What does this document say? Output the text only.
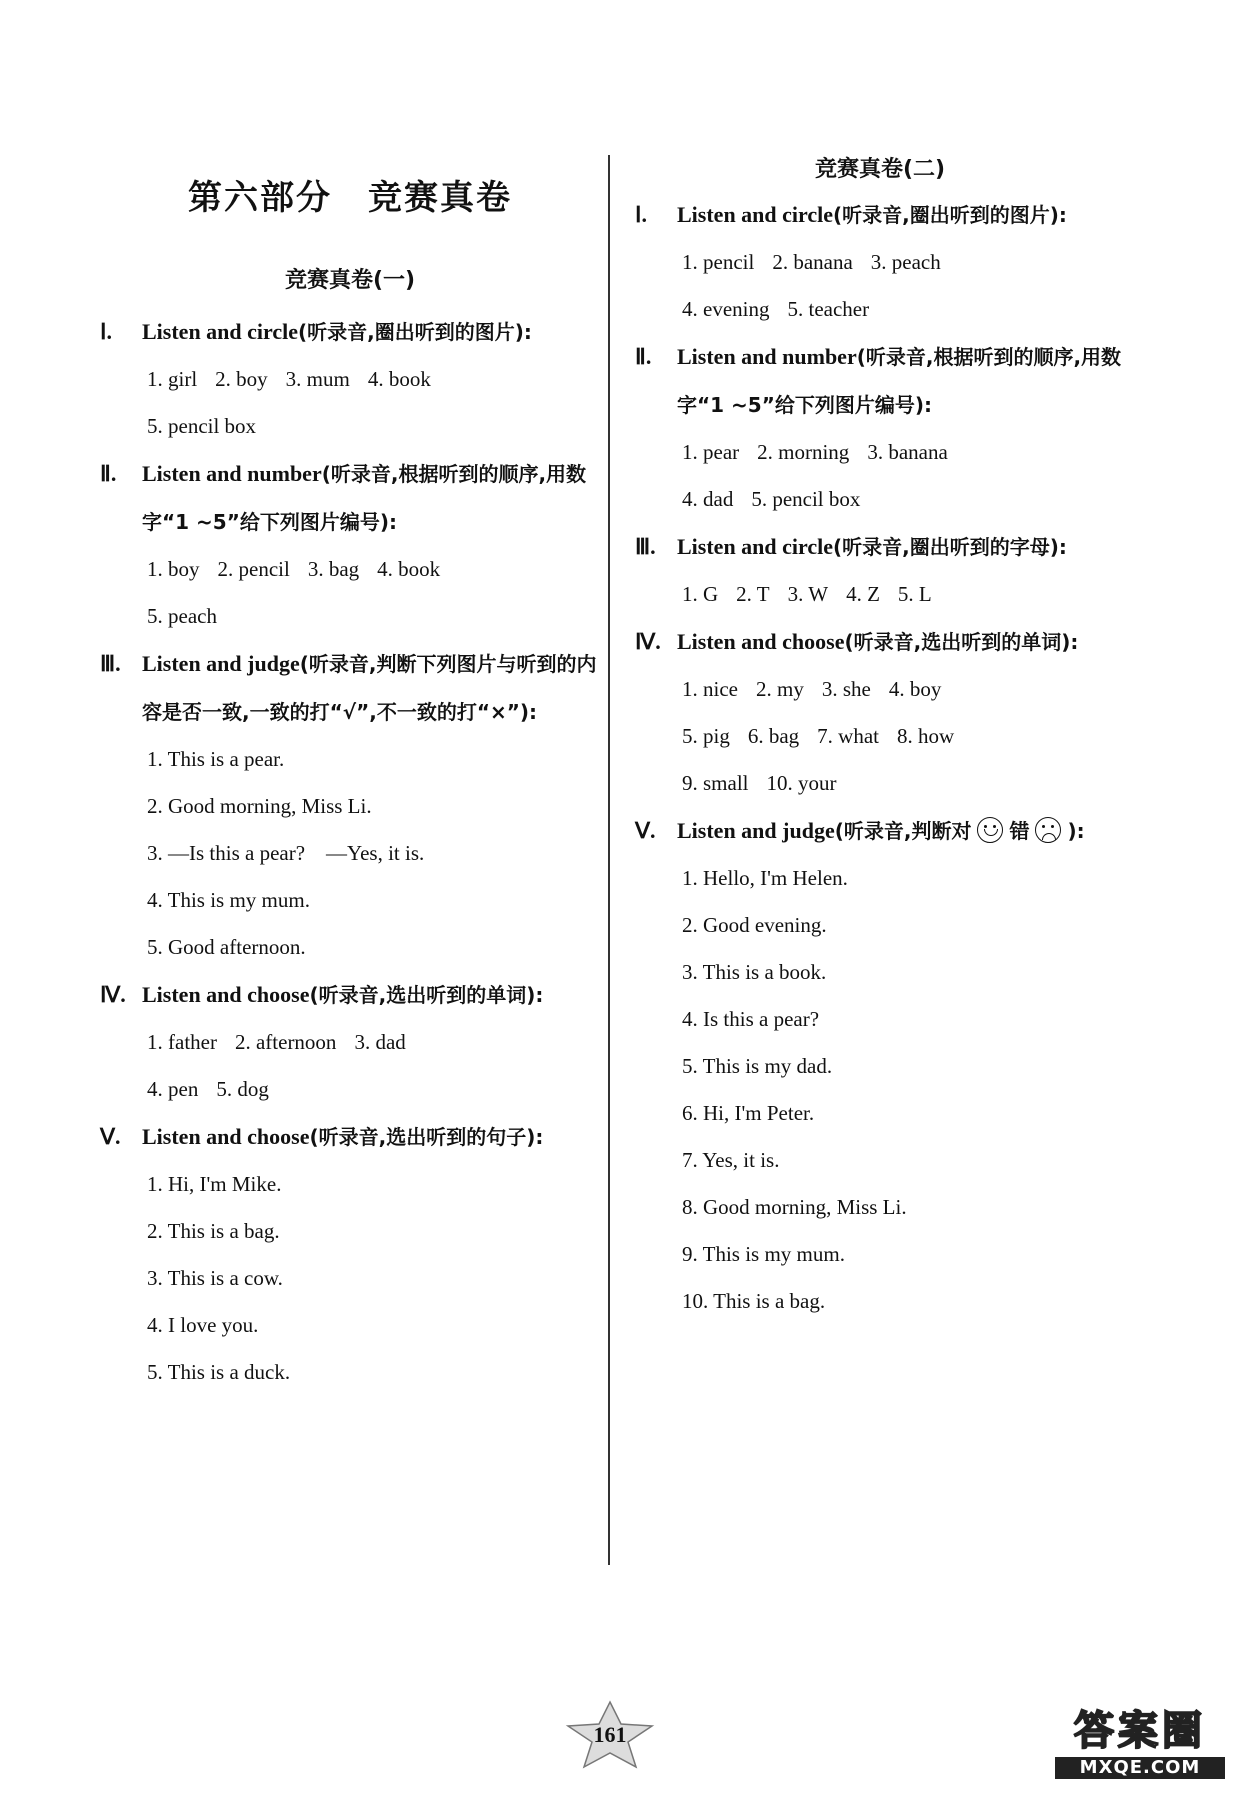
第六部分　竞赛真卷
竞赛真卷(一)
Ⅰ.	Listen and circle(听录音,圈出听到的图片):
1. girl 2. boy 3. mum 4. book
5. pencil box
Ⅱ.	Listen and number(听录音,根据听到的顺序,用数字“1 ~5”给下列图片编号):
1. boy 2. pencil 3. bag 4. book
5. peach
Ⅲ. Listen and judge(听录音,判断下列图片与听到的内容是否一致,一致的打“√”,不一致的打“×”):
1. This is a pear.
2. Good morning, Miss Li.
3. —Is this a pear?　—Yes, it is.
4. This is my mum.
5. Good afternoon.
Ⅳ. Listen and choose(听录音,选出听到的单词):
1. father 2. afternoon 3. dad
4. pen 5. dog
Ⅴ. Listen and choose(听录音,选出听到的句子):
1. Hi, I'm Mike.
2. This is a bag.
3. This is a cow.
4. I love you.
5. This is a duck.
竞赛真卷(二)
Ⅰ.	Listen and circle(听录音,圈出听到的图片):
1. pencil 2. banana 3. peach
4. evening 5. teacher
Ⅱ.	Listen and number(听录音,根据听到的顺序,用数字“1 ~5”给下列图片编号):
1. pear 2. morning 3. banana
4. dad 5. pencil box
Ⅲ. Listen and circle(听录音,圈出听到的字母):
1. G 2. T 3. W 4. Z 5. L
Ⅳ. Listen and choose(听录音,选出听到的单词):
1. nice 2. my 3. she 4. boy
5. pig 6. bag 7. what 8. how
9. small 10. your
Ⅴ. Listen and judge(听录音,判断对 错 ):
1. Hello, I'm Helen.
2. Good evening.
3. This is a book.
4. Is this a pear?
5. This is my dad.
6. Hi, I'm Peter.
7. Yes, it is.
8. Good morning, Miss Li.
9. This is my mum.
10. This is a bag.
161	答案圈
MXQE.COM
